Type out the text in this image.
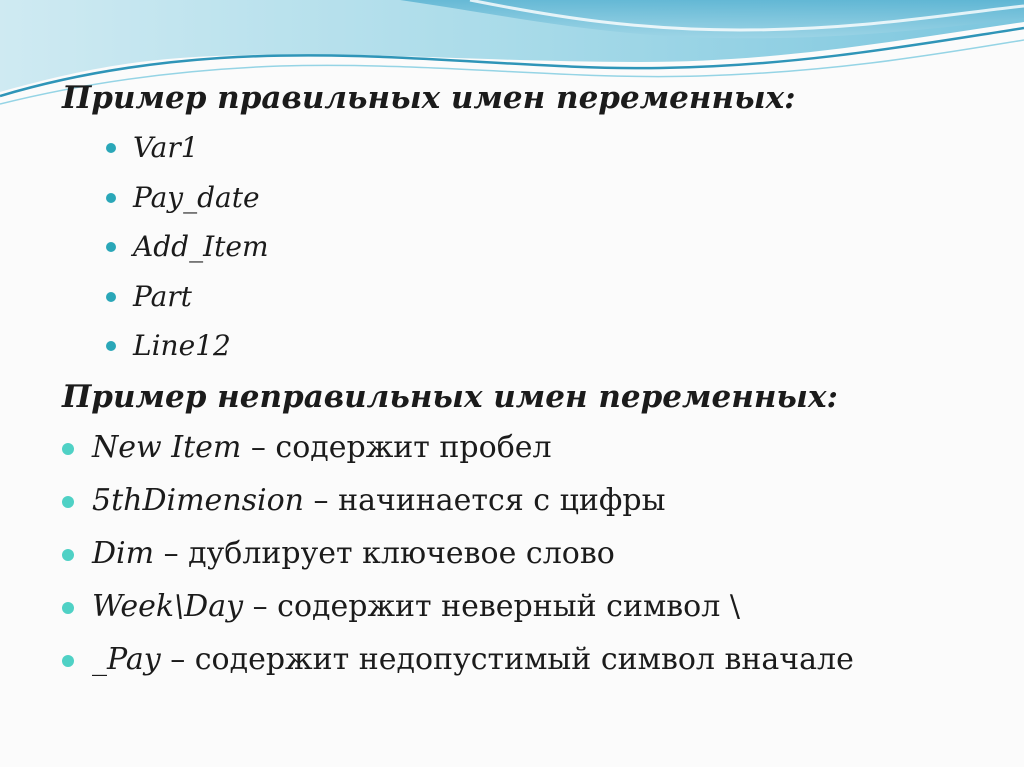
Пример правильных имен переменных:
Var1
Pay_date
Add_Item
Part
Line12
Пример неправильных имен переменных:
New Item – содержит пробел
5thDimension – начинается с цифры
Dim – дублирует ключевое слово
Week\Day – содержит неверный символ \
_Pay – содержит недопустимый символ вначале
